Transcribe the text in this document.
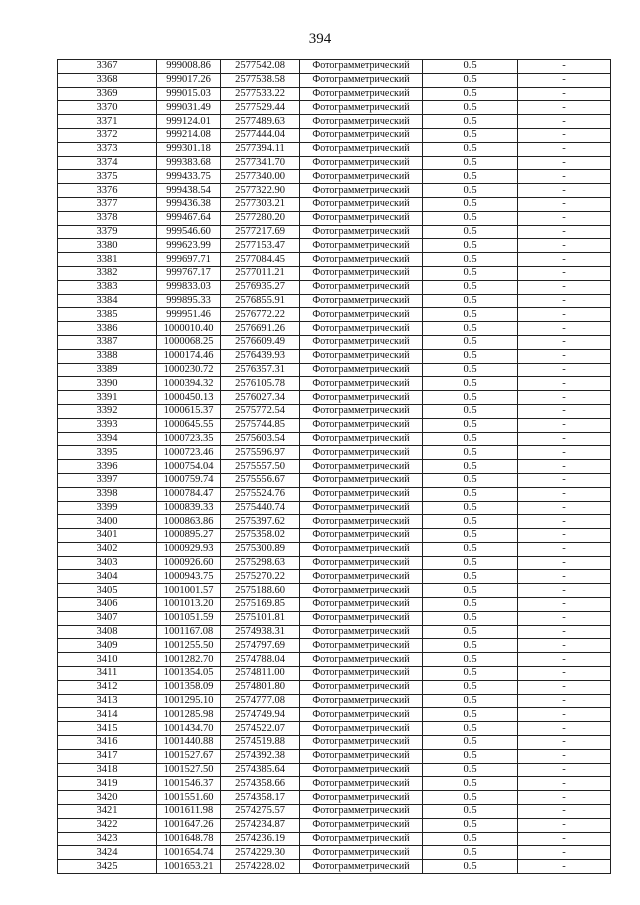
394
3367	999008.86	2577542.08	Фотограмметрический	0.5	-
3368	999017.26	2577538.58	Фотограмметрический	0.5	-
3369	999015.03	2577533.22	Фотограмметрический	0.5	-
3370	999031.49	2577529.44	Фотограмметрический	0.5	-
3371	999124.01	2577489.63	Фотограмметрический	0.5	-
3372	999214.08	2577444.04	Фотограмметрический	0.5	-
3373	999301.18	2577394.11	Фотограмметрический	0.5	-
3374	999383.68	2577341.70	Фотограмметрический	0.5	-
3375	999433.75	2577340.00	Фотограмметрический	0.5	-
3376	999438.54	2577322.90	Фотограмметрический	0.5	-
3377	999436.38	2577303.21	Фотограмметрический	0.5	-
3378	999467.64	2577280.20	Фотограмметрический	0.5	-
3379	999546.60	2577217.69	Фотограмметрический	0.5	-
3380	999623.99	2577153.47	Фотограмметрический	0.5	-
3381	999697.71	2577084.45	Фотограмметрический	0.5	-
3382	999767.17	2577011.21	Фотограмметрический	0.5	-
3383	999833.03	2576935.27	Фотограмметрический	0.5	-
3384	999895.33	2576855.91	Фотограмметрический	0.5	-
3385	999951.46	2576772.22	Фотограмметрический	0.5	-
3386	1000010.40	2576691.26	Фотограмметрический	0.5	-
3387	1000068.25	2576609.49	Фотограмметрический	0.5	-
3388	1000174.46	2576439.93	Фотограмметрический	0.5	-
3389	1000230.72	2576357.31	Фотограмметрический	0.5	-
3390	1000394.32	2576105.78	Фотограмметрический	0.5	-
3391	1000450.13	2576027.34	Фотограмметрический	0.5	-
3392	1000615.37	2575772.54	Фотограмметрический	0.5	-
3393	1000645.55	2575744.85	Фотограмметрический	0.5	-
3394	1000723.35	2575603.54	Фотограмметрический	0.5	-
3395	1000723.46	2575596.97	Фотограмметрический	0.5	-
3396	1000754.04	2575557.50	Фотограмметрический	0.5	-
3397	1000759.74	2575556.67	Фотограмметрический	0.5	-
3398	1000784.47	2575524.76	Фотограмметрический	0.5	-
3399	1000839.33	2575440.74	Фотограмметрический	0.5	-
3400	1000863.86	2575397.62	Фотограмметрический	0.5	-
3401	1000895.27	2575358.02	Фотограмметрический	0.5	-
3402	1000929.93	2575300.89	Фотограмметрический	0.5	-
3403	1000926.60	2575298.63	Фотограмметрический	0.5	-
3404	1000943.75	2575270.22	Фотограмметрический	0.5	-
3405	1001001.57	2575188.60	Фотограмметрический	0.5	-
3406	1001013.20	2575169.85	Фотограмметрический	0.5	-
3407	1001051.59	2575101.81	Фотограмметрический	0.5	-
3408	1001167.08	2574938.31	Фотограмметрический	0.5	-
3409	1001255.50	2574797.69	Фотограмметрический	0.5	-
3410	1001282.70	2574788.04	Фотограмметрический	0.5	-
3411	1001354.05	2574811.00	Фотограмметрический	0.5	-
3412	1001358.09	2574801.80	Фотограмметрический	0.5	-
3413	1001295.10	2574777.08	Фотограмметрический	0.5	-
3414	1001285.98	2574749.94	Фотограмметрический	0.5	-
3415	1001434.70	2574522.07	Фотограмметрический	0.5	-
3416	1001440.88	2574519.88	Фотограмметрический	0.5	-
3417	1001527.67	2574392.38	Фотограмметрический	0.5	-
3418	1001527.50	2574385.64	Фотограмметрический	0.5	-
3419	1001546.37	2574358.66	Фотограмметрический	0.5	-
3420	1001551.60	2574358.17	Фотограмметрический	0.5	-
3421	1001611.98	2574275.57	Фотограмметрический	0.5	-
3422	1001647.26	2574234.87	Фотограмметрический	0.5	-
3423	1001648.78	2574236.19	Фотограмметрический	0.5	-
3424	1001654.74	2574229.30	Фотограмметрический	0.5	-
3425	1001653.21	2574228.02	Фотограмметрический	0.5	-
